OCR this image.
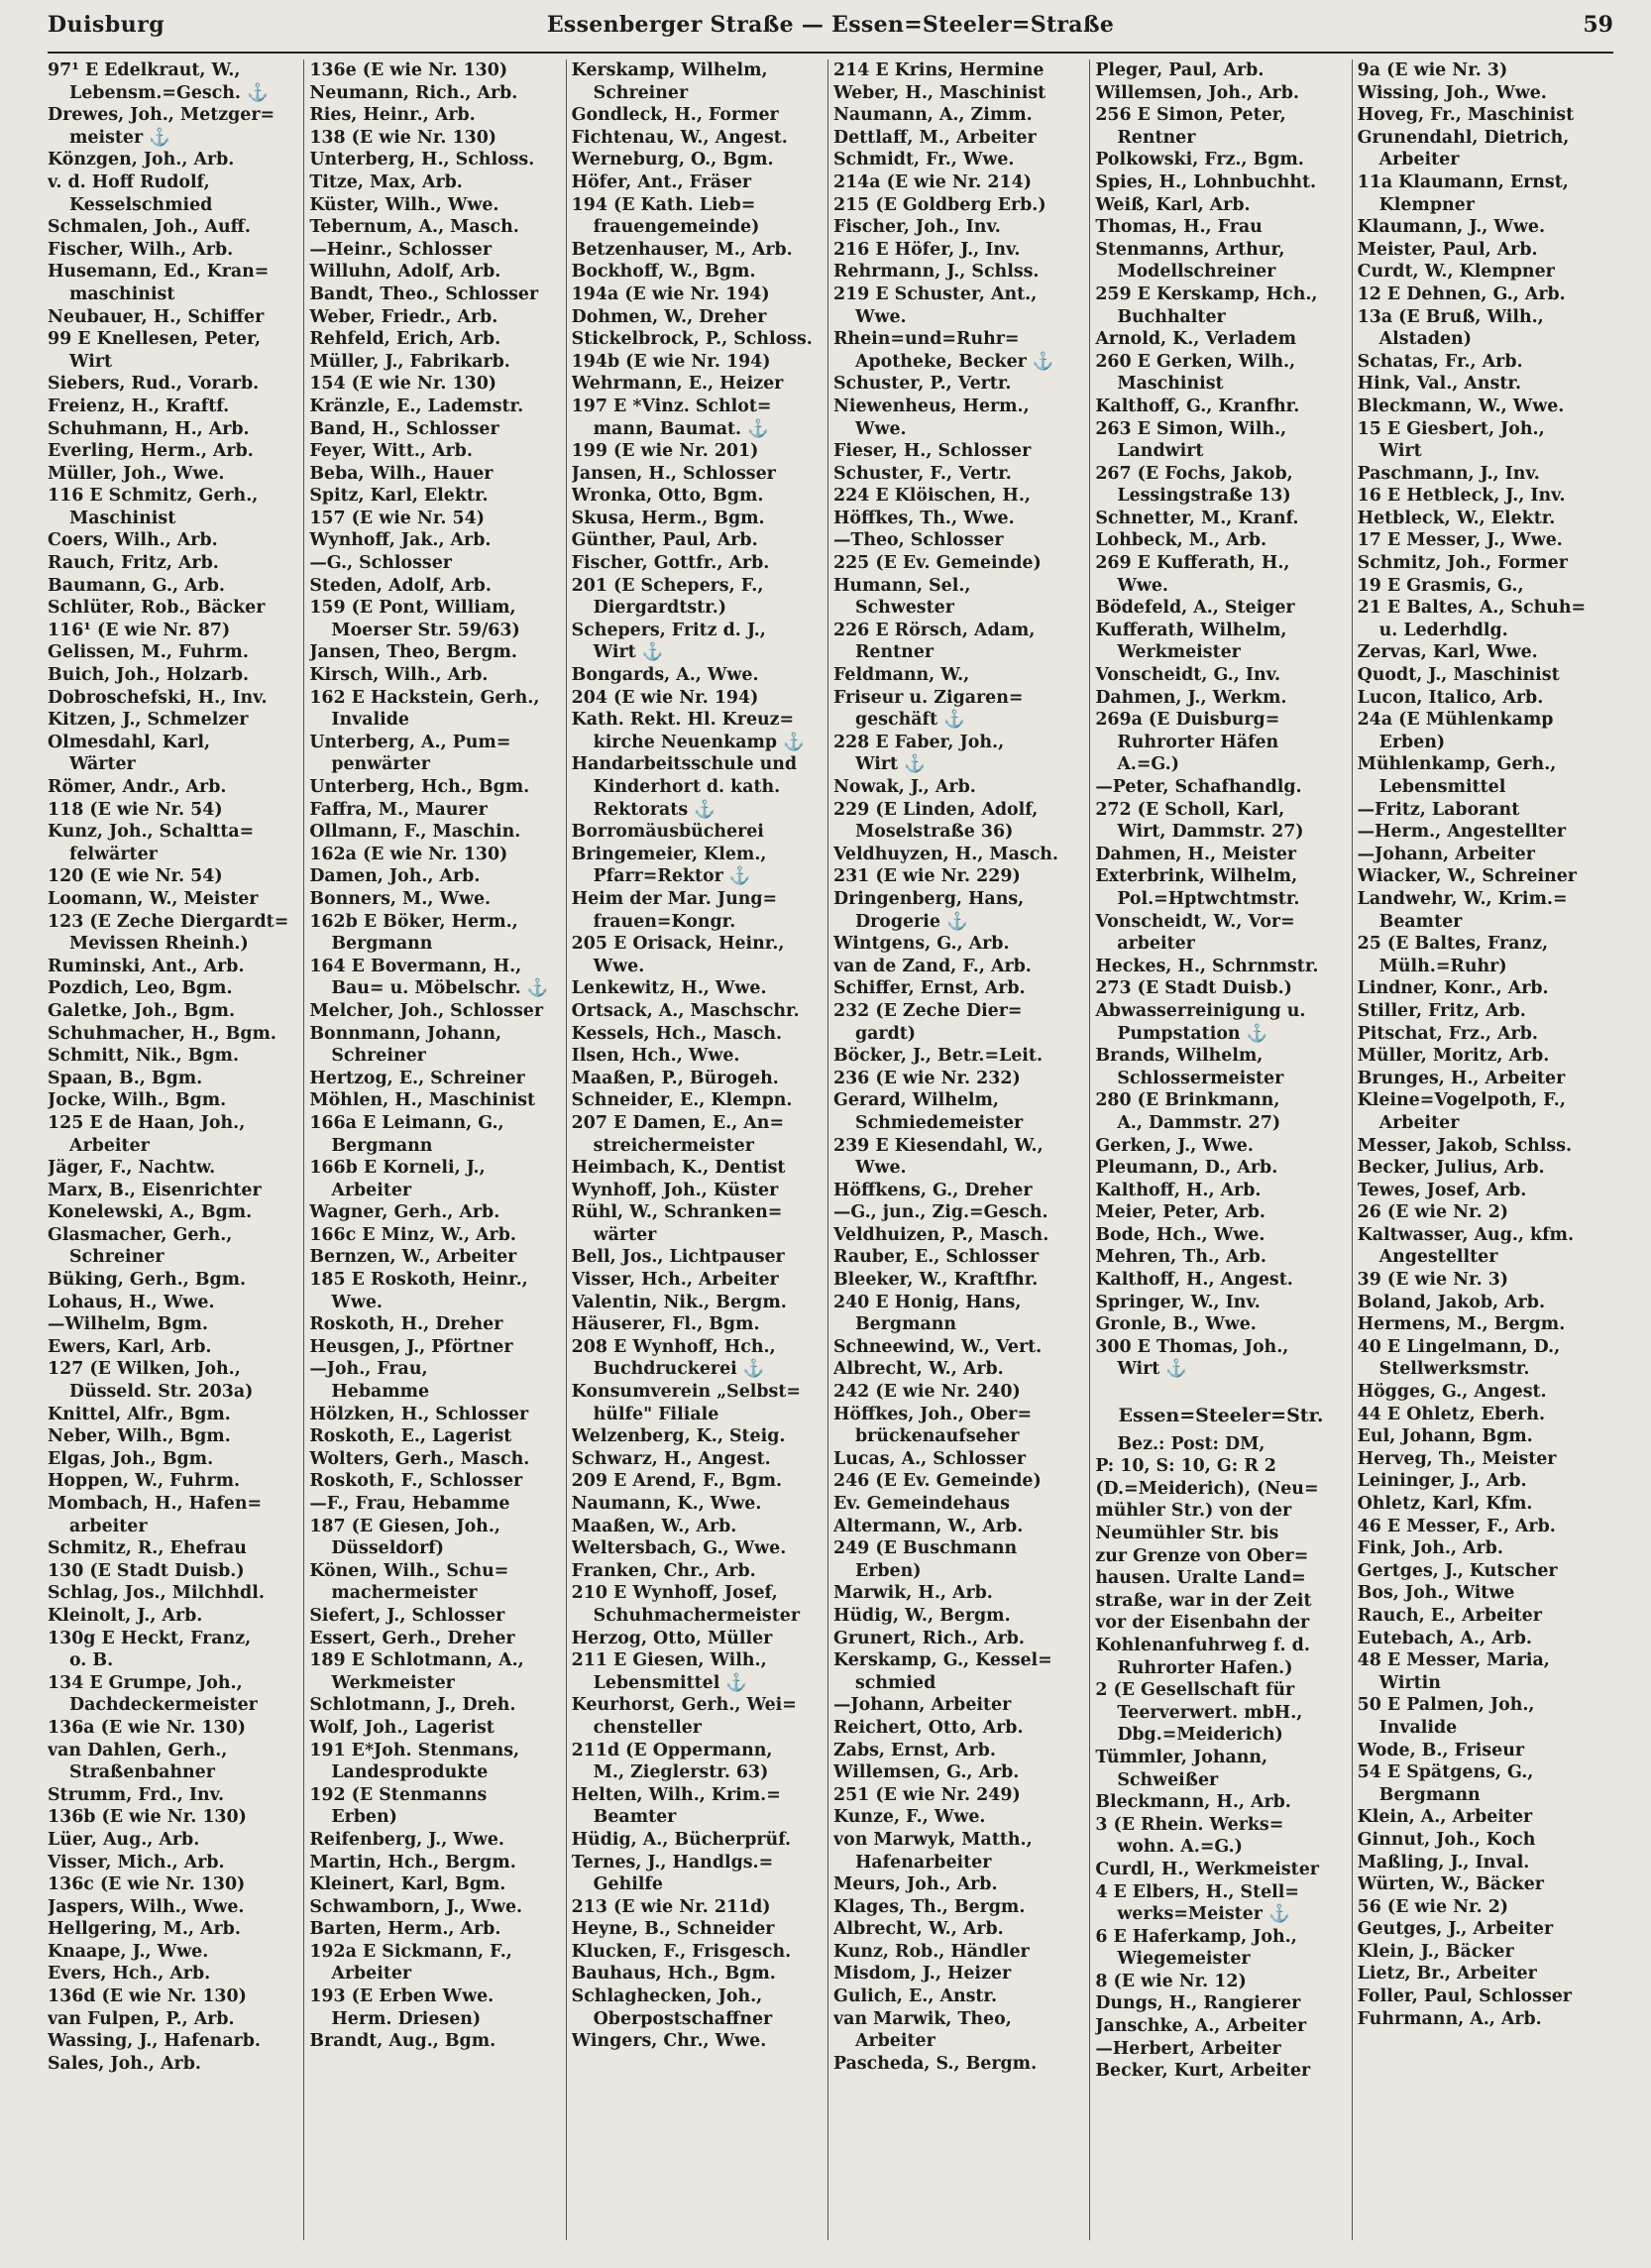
Duisburg	Essenberger Straße — Essen=Steeler=Straße	59
97¹ E Edelkraut, W.,
Lebensm.=Gesch. ⚓
Drewes, Joh., Metzger=
meister ⚓
Könzgen, Joh., Arb.
v. d. Hoff Rudolf,
Kesselschmied
Schmalen, Joh., Auff.
Fischer, Wilh., Arb.
Husemann, Ed., Kran=
maschinist
Neubauer, H., Schiffer
99 E Knellesen, Peter,
Wirt
Siebers, Rud., Vorarb.
Freienz, H., Kraftf.
Schuhmann, H., Arb.
Everling, Herm., Arb.
Müller, Joh., Wwe.
116 E Schmitz, Gerh.,
Maschinist
Coers, Wilh., Arb.
Rauch, Fritz, Arb.
Baumann, G., Arb.
Schlüter, Rob., Bäcker
116¹ (E wie Nr. 87)
Gelissen, M., Fuhrm.
Buich, Joh., Holzarb.
Dobroschefski, H., Inv.
Kitzen, J., Schmelzer
Olmesdahl, Karl,
Wärter
Römer, Andr., Arb.
118 (E wie Nr. 54)
Kunz, Joh., Schaltta=
felwärter
120 (E wie Nr. 54)
Loomann, W., Meister
123 (E Zeche Diergardt=
Mevissen Rheinh.)
Ruminski, Ant., Arb.
Pozdich, Leo, Bgm.
Galetke, Joh., Bgm.
Schuhmacher, H., Bgm.
Schmitt, Nik., Bgm.
Spaan, B., Bgm.
Jocke, Wilh., Bgm.
125 E de Haan, Joh.,
Arbeiter
Jäger, F., Nachtw.
Marx, B., Eisenrichter
Konelewski, A., Bgm.
Glasmacher, Gerh.,
Schreiner
Büking, Gerh., Bgm.
Lohaus, H., Wwe.
—Wilhelm, Bgm.
Ewers, Karl, Arb.
127 (E Wilken, Joh.,
Düsseld. Str. 203a)
Knittel, Alfr., Bgm.
Neber, Wilh., Bgm.
Elgas, Joh., Bgm.
Hoppen, W., Fuhrm.
Mombach, H., Hafen=
arbeiter
Schmitz, R., Ehefrau
130 (E Stadt Duisb.)
Schlag, Jos., Milchhdl.
Kleinolt, J., Arb.
130g E Heckt, Franz,
o. B.
134 E Grumpe, Joh.,
Dachdeckermeister
136a (E wie Nr. 130)
van Dahlen, Gerh.,
Straßenbahner
Strumm, Frd., Inv.
136b (E wie Nr. 130)
Lüer, Aug., Arb.
Visser, Mich., Arb.
136c (E wie Nr. 130)
Jaspers, Wilh., Wwe.
Hellgering, M., Arb.
Knaape, J., Wwe.
Evers, Hch., Arb.
136d (E wie Nr. 130)
van Fulpen, P., Arb.
Wassing, J., Hafenarb.
Sales, Joh., Arb.
136e (E wie Nr. 130)
Neumann, Rich., Arb.
Ries, Heinr., Arb.
138 (E wie Nr. 130)
Unterberg, H., Schloss.
Titze, Max, Arb.
Küster, Wilh., Wwe.
Tebernum, A., Masch.
—Heinr., Schlosser
Willuhn, Adolf, Arb.
Bandt, Theo., Schlosser
Weber, Friedr., Arb.
Rehfeld, Erich, Arb.
Müller, J., Fabrikarb.
154 (E wie Nr. 130)
Kränzle, E., Lademstr.
Band, H., Schlosser
Feyer, Witt., Arb.
Beba, Wilh., Hauer
Spitz, Karl, Elektr.
157 (E wie Nr. 54)
Wynhoff, Jak., Arb.
—G., Schlosser
Steden, Adolf, Arb.
159 (E Pont, William,
Moerser Str. 59/63)
Jansen, Theo, Bergm.
Kirsch, Wilh., Arb.
162 E Hackstein, Gerh.,
Invalide
Unterberg, A., Pum=
penwärter
Unterberg, Hch., Bgm.
Faffra, M., Maurer
Ollmann, F., Maschin.
162a (E wie Nr. 130)
Damen, Joh., Arb.
Bonners, M., Wwe.
162b E Böker, Herm.,
Bergmann
164 E Bovermann, H.,
Bau= u. Möbelschr. ⚓
Melcher, Joh., Schlosser
Bonnmann, Johann,
Schreiner
Hertzog, E., Schreiner
Möhlen, H., Maschinist
166a E Leimann, G.,
Bergmann
166b E Korneli, J.,
Arbeiter
Wagner, Gerh., Arb.
166c E Minz, W., Arb.
Bernzen, W., Arbeiter
185 E Roskoth, Heinr.,
Wwe.
Roskoth, H., Dreher
Heusgen, J., Pförtner
—Joh., Frau,
Hebamme
Hölzken, H., Schlosser
Roskoth, E., Lagerist
Wolters, Gerh., Masch.
Roskoth, F., Schlosser
—F., Frau, Hebamme
187 (E Giesen, Joh.,
Düsseldorf)
Könen, Wilh., Schu=
machermeister
Siefert, J., Schlosser
Essert, Gerh., Dreher
189 E Schlotmann, A.,
Werkmeister
Schlotmann, J., Dreh.
Wolf, Joh., Lagerist
191 E*Joh. Stenmans,
Landesprodukte
192 (E Stenmanns
Erben)
Reifenberg, J., Wwe.
Martin, Hch., Bergm.
Kleinert, Karl, Bgm.
Schwamborn, J., Wwe.
Barten, Herm., Arb.
192a E Sickmann, F.,
Arbeiter
193 (E Erben Wwe.
Herm. Driesen)
Brandt, Aug., Bgm.
Kerskamp, Wilhelm,
Schreiner
Gondleck, H., Former
Fichtenau, W., Angest.
Werneburg, O., Bgm.
Höfer, Ant., Fräser
194 (E Kath. Lieb=
frauengemeinde)
Betzenhauser, M., Arb.
Bockhoff, W., Bgm.
194a (E wie Nr. 194)
Dohmen, W., Dreher
Stickelbrock, P., Schloss.
194b (E wie Nr. 194)
Wehrmann, E., Heizer
197 E *Vinz. Schlot=
mann, Baumat. ⚓
199 (E wie Nr. 201)
Jansen, H., Schlosser
Wronka, Otto, Bgm.
Skusa, Herm., Bgm.
Günther, Paul, Arb.
Fischer, Gottfr., Arb.
201 (E Schepers, F.,
Diergardtstr.)
Schepers, Fritz d. J.,
Wirt ⚓
Bongards, A., Wwe.
204 (E wie Nr. 194)
Kath. Rekt. Hl. Kreuz=
kirche Neuenkamp ⚓
Handarbeitsschule und
Kinderhort d. kath.
Rektorats ⚓
Borromäusbücherei
Bringemeier, Klem.,
Pfarr=Rektor ⚓
Heim der Mar. Jung=
frauen=Kongr.
205 E Orisack, Heinr.,
Wwe.
Lenkewitz, H., Wwe.
Ortsack, A., Maschschr.
Kessels, Hch., Masch.
Ilsen, Hch., Wwe.
Maaßen, P., Bürogeh.
Schneider, E., Klempn.
207 E Damen, E., An=
streichermeister
Heimbach, K., Dentist
Wynhoff, Joh., Küster
Rühl, W., Schranken=
wärter
Bell, Jos., Lichtpauser
Visser, Hch., Arbeiter
Valentin, Nik., Bergm.
Häuserer, Fl., Bgm.
208 E Wynhoff, Hch.,
Buchdruckerei ⚓
Konsumverein „Selbst=
hülfe" Filiale
Welzenberg, K., Steig.
Schwarz, H., Angest.
209 E Arend, F., Bgm.
Naumann, K., Wwe.
Maaßen, W., Arb.
Weltersbach, G., Wwe.
Franken, Chr., Arb.
210 E Wynhoff, Josef,
Schuhmachermeister
Herzog, Otto, Müller
211 E Giesen, Wilh.,
Lebensmittel ⚓
Keurhorst, Gerh., Wei=
chensteller
211d (E Oppermann,
M., Zieglerstr. 63)
Helten, Wilh., Krim.=
Beamter
Hüdig, A., Bücherprüf.
Ternes, J., Handlgs.=
Gehilfe
213 (E wie Nr. 211d)
Heyne, B., Schneider
Klucken, F., Frisgesch.
Bauhaus, Hch., Bgm.
Schlaghecken, Joh.,
Oberpostschaffner
Wingers, Chr., Wwe.
214 E Krins, Hermine
Weber, H., Maschinist
Naumann, A., Zimm.
Dettlaff, M., Arbeiter
Schmidt, Fr., Wwe.
214a (E wie Nr. 214)
215 (E Goldberg Erb.)
Fischer, Joh., Inv.
216 E Höfer, J., Inv.
Rehrmann, J., Schlss.
219 E Schuster, Ant.,
Wwe.
Rhein=und=Ruhr=
Apotheke, Becker ⚓
Schuster, P., Vertr.
Niewenheus, Herm.,
Wwe.
Fieser, H., Schlosser
Schuster, F., Vertr.
224 E Klöischen, H.,
Höffkes, Th., Wwe.
—Theo, Schlosser
225 (E Ev. Gemeinde)
Humann, Sel.,
Schwester
226 E Rörsch, Adam,
Rentner
Feldmann, W.,
Friseur u. Zigaren=
geschäft ⚓
228 E Faber, Joh.,
Wirt ⚓
Nowak, J., Arb.
229 (E Linden, Adolf,
Moselstraße 36)
Veldhuyzen, H., Masch.
231 (E wie Nr. 229)
Dringenberg, Hans,
Drogerie ⚓
Wintgens, G., Arb.
van de Zand, F., Arb.
Schiffer, Ernst, Arb.
232 (E Zeche Dier=
gardt)
Böcker, J., Betr.=Leit.
236 (E wie Nr. 232)
Gerard, Wilhelm,
Schmiedemeister
239 E Kiesendahl, W.,
Wwe.
Höffkens, G., Dreher
—G., jun., Zig.=Gesch.
Veldhuizen, P., Masch.
Rauber, E., Schlosser
Bleeker, W., Kraftfhr.
240 E Honig, Hans,
Bergmann
Schneewind, W., Vert.
Albrecht, W., Arb.
242 (E wie Nr. 240)
Höffkes, Joh., Ober=
brückenaufseher
Lucas, A., Schlosser
246 (E Ev. Gemeinde)
Ev. Gemeindehaus
Altermann, W., Arb.
249 (E Buschmann
Erben)
Marwik, H., Arb.
Hüdig, W., Bergm.
Grunert, Rich., Arb.
Kerskamp, G., Kessel=
schmied
—Johann, Arbeiter
Reichert, Otto, Arb.
Zabs, Ernst, Arb.
Willemsen, G., Arb.
251 (E wie Nr. 249)
Kunze, F., Wwe.
von Marwyk, Matth.,
Hafenarbeiter
Meurs, Joh., Arb.
Klages, Th., Bergm.
Albrecht, W., Arb.
Kunz, Rob., Händler
Misdom, J., Heizer
Gulich, E., Anstr.
van Marwik, Theo,
Arbeiter
Pascheda, S., Bergm.
Pleger, Paul, Arb.
Willemsen, Joh., Arb.
256 E Simon, Peter,
Rentner
Polkowski, Frz., Bgm.
Spies, H., Lohnbuchht.
Weiß, Karl, Arb.
Thomas, H., Frau
Stenmanns, Arthur,
Modellschreiner
259 E Kerskamp, Hch.,
Buchhalter
Arnold, K., Verladem
260 E Gerken, Wilh.,
Maschinist
Kalthoff, G., Kranfhr.
263 E Simon, Wilh.,
Landwirt
267 (E Fochs, Jakob,
Lessingstraße 13)
Schnetter, M., Kranf.
Lohbeck, M., Arb.
269 E Kufferath, H.,
Wwe.
Bödefeld, A., Steiger
Kufferath, Wilhelm,
Werkmeister
Vonscheidt, G., Inv.
Dahmen, J., Werkm.
269a (E Duisburg=
Ruhrorter Häfen
A.=G.)
—Peter, Schafhandlg.
272 (E Scholl, Karl,
Wirt, Dammstr. 27)
Dahmen, H., Meister
Exterbrink, Wilhelm,
Pol.=Hptwchtmstr.
Vonscheidt, W., Vor=
arbeiter
Heckes, H., Schrnmstr.
273 (E Stadt Duisb.)
Abwasserreinigung u.
Pumpstation ⚓
Brands, Wilhelm,
Schlossermeister
280 (E Brinkmann,
A., Dammstr. 27)
Gerken, J., Wwe.
Pleumann, D., Arb.
Kalthoff, H., Arb.
Meier, Peter, Arb.
Bode, Hch., Wwe.
Mehren, Th., Arb.
Kalthoff, H., Angest.
Springer, W., Inv.
Gronle, B., Wwe.
300 E Thomas, Joh.,
Wirt ⚓
Essen=Steeler=Str.
Bez.: Post: DM,
P: 10, S: 10, G: R 2
(D.=Meiderich), (Neu=
mühler Str.) von der
Neumühler Str. bis
zur Grenze von Ober=
hausen. Uralte Land=
straße, war in der Zeit
vor der Eisenbahn der
Kohlenanfuhrweg f. d.
Ruhrorter Hafen.)
2 (E Gesellschaft für
Teerverwert. mbH.,
Dbg.=Meiderich)
Tümmler, Johann,
Schweißer
Bleckmann, H., Arb.
3 (E Rhein. Werks=
wohn. A.=G.)
Curdl, H., Werkmeister
4 E Elbers, H., Stell=
werks=Meister ⚓
6 E Haferkamp, Joh.,
Wiegemeister
8 (E wie Nr. 12)
Dungs, H., Rangierer
Janschke, A., Arbeiter
—Herbert, Arbeiter
Becker, Kurt, Arbeiter
9a (E wie Nr. 3)
Wissing, Joh., Wwe.
Hoveg, Fr., Maschinist
Grunendahl, Dietrich,
Arbeiter
11a Klaumann, Ernst,
Klempner
Klaumann, J., Wwe.
Meister, Paul, Arb.
Curdt, W., Klempner
12 E Dehnen, G., Arb.
13a (E Bruß, Wilh.,
Alstaden)
Schatas, Fr., Arb.
Hink, Val., Anstr.
Bleckmann, W., Wwe.
15 E Giesbert, Joh.,
Wirt
Paschmann, J., Inv.
16 E Hetbleck, J., Inv.
Hetbleck, W., Elektr.
17 E Messer, J., Wwe.
Schmitz, Joh., Former
19 E Grasmis, G.,
21 E Baltes, A., Schuh=
u. Lederhdlg.
Zervas, Karl, Wwe.
Quodt, J., Maschinist
Lucon, Italico, Arb.
24a (E Mühlenkamp
Erben)
Mühlenkamp, Gerh.,
Lebensmittel
—Fritz, Laborant
—Herm., Angestellter
—Johann, Arbeiter
Wiacker, W., Schreiner
Landwehr, W., Krim.=
Beamter
25 (E Baltes, Franz,
Mülh.=Ruhr)
Lindner, Konr., Arb.
Stiller, Fritz, Arb.
Pitschat, Frz., Arb.
Müller, Moritz, Arb.
Brunges, H., Arbeiter
Kleine=Vogelpoth, F.,
Arbeiter
Messer, Jakob, Schlss.
Becker, Julius, Arb.
Tewes, Josef, Arb.
26 (E wie Nr. 2)
Kaltwasser, Aug., kfm.
Angestellter
39 (E wie Nr. 3)
Boland, Jakob, Arb.
Hermens, M., Bergm.
40 E Lingelmann, D.,
Stellwerksmstr.
Högges, G., Angest.
44 E Ohletz, Eberh.
Eul, Johann, Bgm.
Herveg, Th., Meister
Leininger, J., Arb.
Ohletz, Karl, Kfm.
46 E Messer, F., Arb.
Fink, Joh., Arb.
Gertges, J., Kutscher
Bos, Joh., Witwe
Rauch, E., Arbeiter
Eutebach, A., Arb.
48 E Messer, Maria,
Wirtin
50 E Palmen, Joh.,
Invalide
Wode, B., Friseur
54 E Spätgens, G.,
Bergmann
Klein, A., Arbeiter
Ginnut, Joh., Koch
Maßling, J., Inval.
Würten, W., Bäcker
56 (E wie Nr. 2)
Geutges, J., Arbeiter
Klein, J., Bäcker
Lietz, Br., Arbeiter
Foller, Paul, Schlosser
Fuhrmann, A., Arb.
